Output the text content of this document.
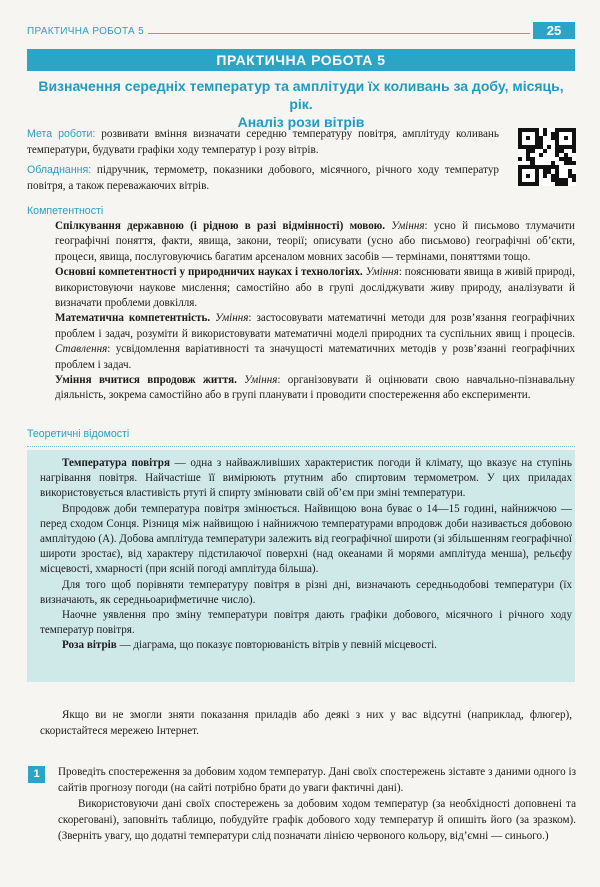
ПРАКТИЧНА РОБОТА 5	25
ПРАКТИЧНА РОБОТА 5
Визначення середніх температур та амплітуди їх коливань за добу, місяць, рік.
Аналіз рози вітрів
Мета роботи: розвивати вміння визначати середню температуру повітря, амплітуду коливань температури, будувати графіки ходу температур і розу вітрів.
Обладнання: підручник, термометр, показники добового, місячного, річного ходу температур повітря, а також переважаючих вітрів.
Компетентності

Спілкування державною (і рідною в разі відмінності) мовою. Уміння: усно й письмово тлумачити географічні поняття, факти, явища, закони, теорії; описувати (усно або письмово) географічні об’єкти, процеси, явища, послуговуючись багатим арсеналом мовних засобів — термінами, поняттями тощо.

Основні компетентності у природничих науках і технологіях. Уміння: пояснювати явища в живій природі, використовуючи наукове мислення; самостійно або в групі досліджувати живу природу, аналізувати й визначати проблеми довкілля.

Математична компетентність. Уміння: застосовувати математичні методи для розв’язання географічних проблем і задач, розуміти й використовувати математичні моделі природних та суспільних явищ і процесів. Ставлення: усвідомлення варіативності та значущості математичних методів у розв’язанні географічних проблем і задач.

Уміння вчитися впродовж життя. Уміння: організовувати й оцінювати свою навчально-пізнавальну діяльність, зокрема самостійно або в групі планувати і проводити спостереження або експерименти.

Теоретичні відомості

Температура повітря — одна з найважливіших характеристик погоди й клімату, що вказує на ступінь нагрівання повітря. Найчастіше її вимірюють ртутним або спиртовим термометром. У цих приладах використовується властивість ртуті й спирту змінювати свій об’єм при зміні температури.

Впродовж доби температура повітря змінюється. Найвищою вона буває о 14—15 годині, найнижчою — перед сходом Сонця. Різниця між найвищою і найнижчою температурами впродовж доби називається добовою амплітудою (А). Добова амплітуда температури залежить від географічної широти (зі збільшенням географічної широти зростає), від характеру підстилаючої поверхні (над океанами й морями амплітуда менша), рельєфу місцевості, хмарності (при ясній погоді амплітуда більша).

Для того щоб порівняти температуру повітря в різні дні, визначають середньодобові температури (їх визначають, як середньоарифметичне число).

Наочне уявлення про зміну температури повітря дають графіки добового, місячного і річного ходу температур повітря.

Роза вітрів — діаграма, що показує повторюваність вітрів у певній місцевості.

Якщо ви не змогли зняти показання приладів або деякі з них у вас відсутні (наприклад, флюгер), скористайтеся мережею Інтернет.

1	Проведіть спостереження за добовим ходом температур. Дані своїх спостережень зіставте з даними одного із сайтів прогнозу погоди (на сайті потрібно брати до уваги фактичні дані).

Використовуючи дані своїх спостережень за добовим ходом температур (за необхідності доповнені та скореговані), заповніть таблицю, побудуйте графік добового ходу температур й опишіть його (за зразком). (Зверніть увагу, що додатні температури слід позначати лінією червоного кольору, від’ємні — синього.)
